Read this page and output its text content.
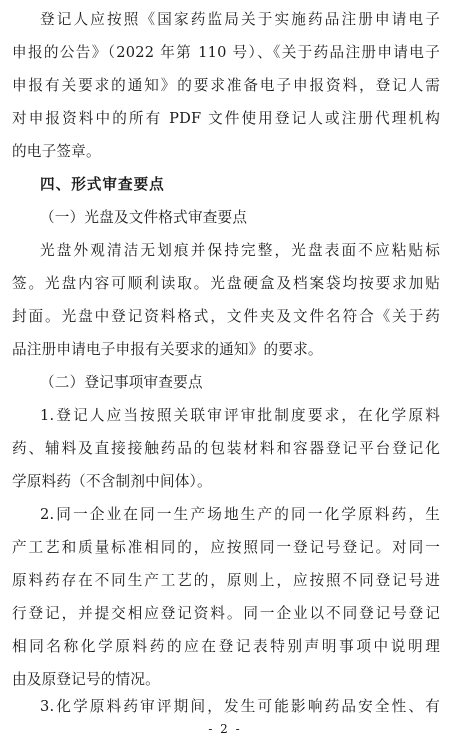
登记人应按照《国家药监局关于实施药品注册申请电子
申报的公告》（2022 年第 110 号）、《关于药品注册申请电子
申报有关要求的通知》的要求准备电子申报资料，登记人需
对申报资料中的所有 PDF 文件使用登记人或注册代理机构
的电子签章。
四、形式审查要点
（一）光盘及文件格式审查要点
光盘外观清洁无划痕并保持完整，光盘表面不应粘贴标
签。光盘内容可顺利读取。光盘硬盒及档案袋均按要求加贴
封面。光盘中登记资料格式，文件夹及文件名符合《关于药
品注册申请电子申报有关要求的通知》的要求。
（二）登记事项审查要点
1.登记人应当按照关联审评审批制度要求，在化学原料
药、辅料及直接接触药品的包装材料和容器登记平台登记化
学原料药（不含制剂中间体）。
2.同一企业在同一生产场地生产的同一化学原料药，生
产工艺和质量标准相同的，应按照同一登记号登记。对同一
原料药存在不同生产工艺的，原则上，应按照不同登记号进
行登记，并提交相应登记资料。同一企业以不同登记号登记
相同名称化学原料药的应在登记表特别声明事项中说明理
由及原登记号的情况。
3.化学原料药审评期间，发生可能影响药品安全性、有
- 2 -
